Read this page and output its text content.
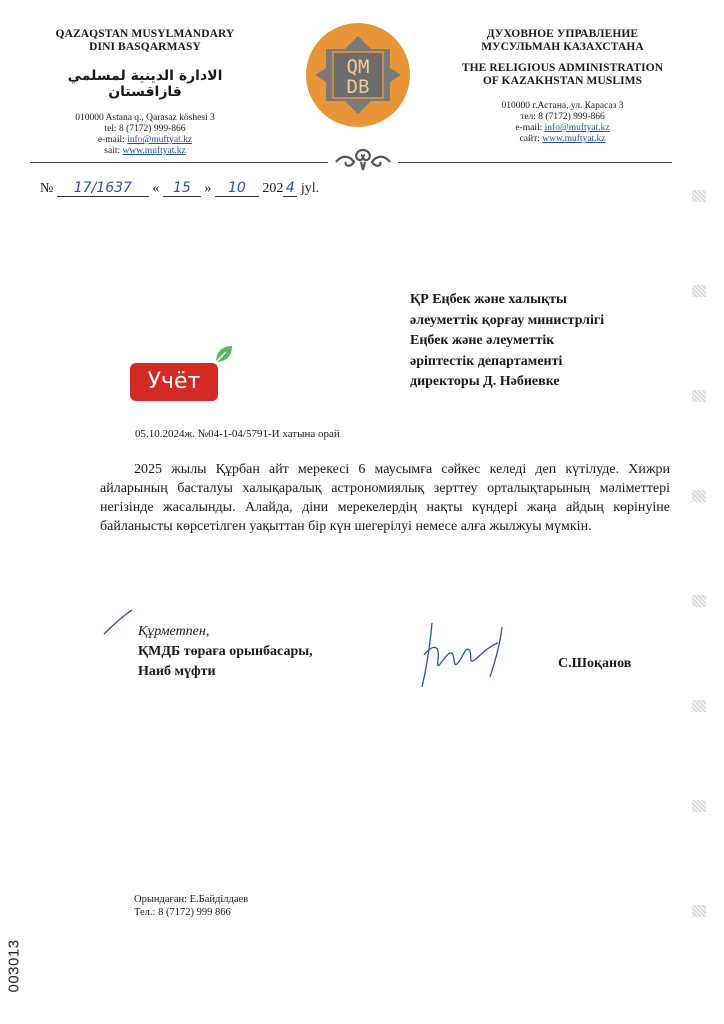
QAZAQSTAN MUSYLMANDARY
DINI BASQARMASY
الادارة الدينية لمسلمي قازاقستان
010000 Astana q., Qarasaz köshesi 3
tel: 8 (7172) 999-866
e-mail: info@muftyat.kz
sait: www.muftyat.kz
QM
DB
ДУХОВНОЕ УПРАВЛЕНИЕ
МУСУЛЬМАН КАЗАХСТАНА
THE RELIGIOUS ADMINISTRATION
OF KAZAKHSTAN MUSLIMS
010000 г.Астана, ул. Карасаз 3
тел: 8 (7172) 999-866
e-mail: info@muftyat.kz
сайт: www.muftyat.kz
№ 17/1637 « 15 » 10 202 4 jyl.
ҚР Еңбек және халықты
әлеуметтік қорғау министрлігі
Еңбек және әлеуметтік
әріптестік департаменті
директоры Д. Нәбиевке
Учёт
05.10.2024ж. №04-1-04/5791-И хатына орай

2025 жылы Құрбан айт мерекесі 6 маусымға сәйкес келеді деп күтілуде. Хижри айларының басталуы халықаралық астрономиялық зерттеу орталықтарының мәліметтері негізінде жасалынды. Алайда, діни мерекелердің нақты күндері жаңа айдың көрінуіне байланысты көрсетілген уақыттан бір күн шегерілуі немесе алға жылжуы мүмкін.

Құрметпен,
ҚМДБ төраға орынбасары,
Наиб мүфти
С.Шоқанов
Орындаған: Е.Байділдаев
Тел.: 8 (7172) 999 866
003013
